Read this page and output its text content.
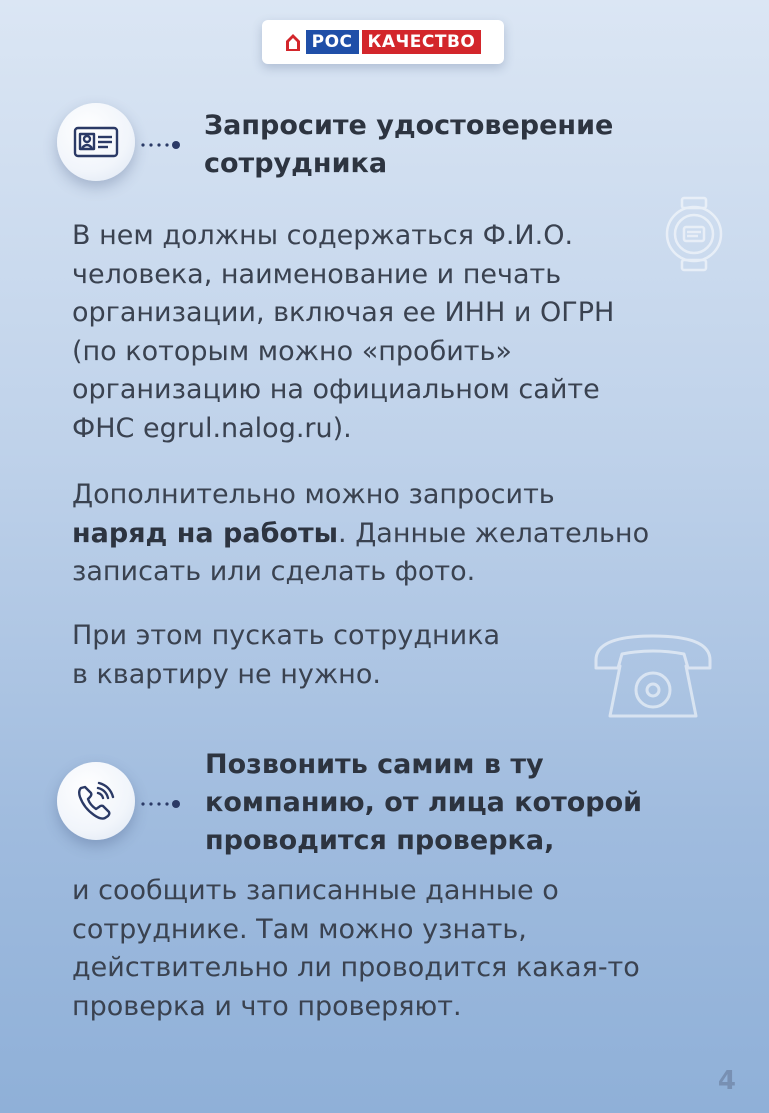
РОС КАЧЕСТВО
Запросите удостоверение
сотрудника
В нем должны содержаться Ф.И.О.
человека, наименование и печать
организации, включая ее ИНН и ОГРН
(по которым можно «пробить»
организацию на официальном сайте
ФНС egrul.nalog.ru).
Дополнительно можно запросить
наряд на работы. Данные желательно
записать или сделать фото.
При этом пускать сотрудника
в квартиру не нужно.
Позвонить самим в ту
компанию, от лица которой
проводится проверка,
и сообщить записанные данные о
сотруднике. Там можно узнать,
действительно ли проводится какая-то
проверка и что проверяют.
4
